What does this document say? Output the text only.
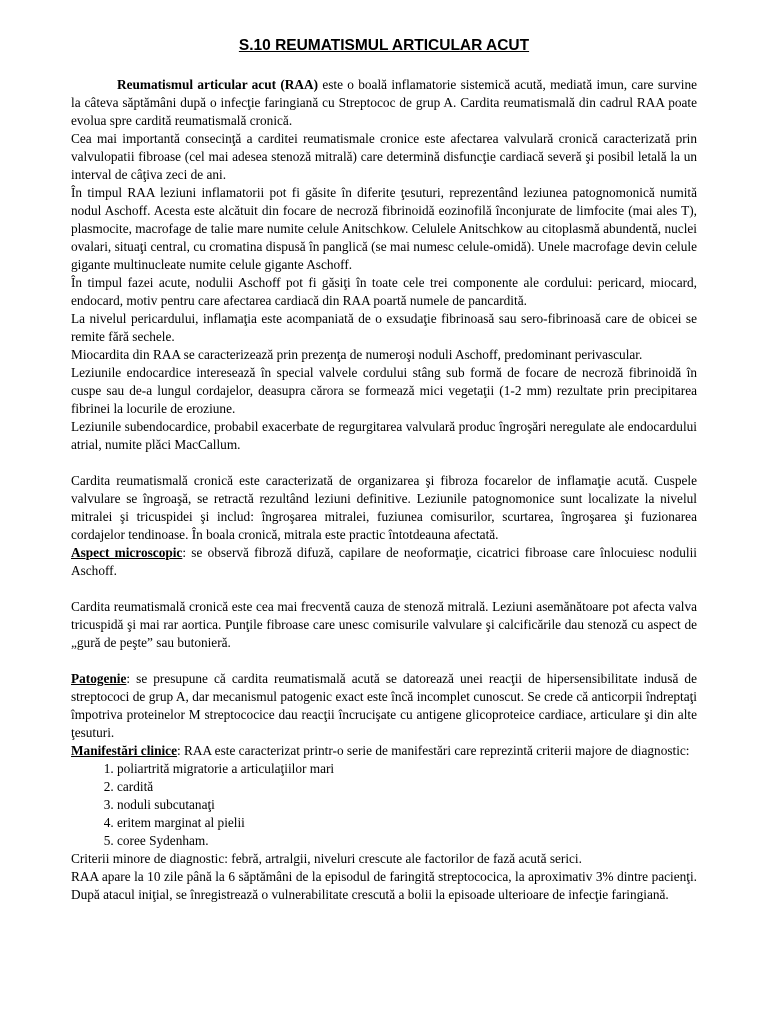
S.10 REUMATISMUL ARTICULAR ACUT

Reumatismul articular acut (RAA) este o boală inflamatorie sistemică acută, mediată imun, care survine la câteva săptămâni după o infecţie faringiană cu Streptococ de grup A. Cardita reumatismală din cadrul RAA poate evolua spre cardită reumatismală cronică.

Cea mai importantă consecinţă a carditei reumatismale cronice este afectarea valvulară cronică caracterizată prin valvulopatii fibroase (cel mai adesea stenoză mitrală) care determină disfuncţie cardiacă severă şi posibil letală la un interval de câţiva zeci de ani.

În timpul RAA leziuni inflamatorii pot fi găsite în diferite ţesuturi, reprezentând leziunea patognomonică numită nodul Aschoff. Acesta este alcătuit din focare de necroză fibrinoidă eozinofilă înconjurate de limfocite (mai ales T), plasmocite, macrofage de talie mare numite celule Anitschkow. Celulele Anitschkow au citoplasmă abundentă, nuclei ovalari, situaţi central, cu cromatina dispusă în panglică (se mai numesc celule-omidă). Unele macrofage devin celule gigante multinucleate numite celule gigante Aschoff.

În timpul fazei acute, nodulii Aschoff pot fi găsiţi în toate cele trei componente ale cordului: pericard, miocard, endocard, motiv pentru care afectarea cardiacă din RAA poartă numele de pancardită.

La nivelul pericardului, inflamaţia este acompaniată de o exsudaţie fibrinoasă sau sero-fibrinoasă care de obicei se remite fără sechele.

Miocardita din RAA se caracterizează prin prezenţa de numeroşi noduli Aschoff, predominant perivascular.

Leziunile endocardice interesează în special valvele cordului stâng sub formă de focare de necroză fibrinoidă în cuspe sau de-a lungul cordajelor, deasupra cărora se formează mici vegetaţii (1-2 mm) rezultate prin precipitarea fibrinei la locurile de eroziune.

Leziunile subendocardice, probabil exacerbate de regurgitarea valvulară produc îngroşări neregulate ale endocardului atrial, numite plăci MacCallum.

Cardita reumatismală cronică este caracterizată de organizarea şi fibroza focarelor de inflamaţie acută. Cuspele valvulare se îngroaşă, se retractă rezultând leziuni definitive. Leziunile patognomonice sunt localizate la nivelul mitralei şi tricuspidei şi includ: îngroşarea mitralei, fuziunea comisurilor, scurtarea, îngroşarea şi fuzionarea cordajelor tendinoase. În boala cronică, mitrala este practic întotdeauna afectată.

Aspect microscopic: se observă fibroză difuză, capilare de neoformaţie, cicatrici fibroase care înlocuiesc nodulii Aschoff.

Cardita reumatismală cronică este cea mai frecventă cauza de stenoză mitrală. Leziuni asemănătoare pot afecta valva tricuspidă şi mai rar aortica. Punţile fibroase care unesc comisurile valvulare şi calcificările dau stenoză cu aspect de „gură de peşte” sau butonieră.

Patogenie: se presupune că cardita reumatismală acută se datorează unei reacţii de hipersensibilitate indusă de streptococi de grup A, dar mecanismul patogenic exact este încă incomplet cunoscut. Se crede că anticorpii îndreptaţi împotriva proteinelor M streptococice dau reacţii încrucişate cu antigene glicoproteice cardiace, articulare şi din alte ţesuturi.

Manifestări clinice: RAA este caracterizat printr-o serie de manifestări care reprezintă criterii majore de diagnostic:

1. poliartrită migratorie a articulaţiilor mari
2. cardită
3. noduli subcutanaţi
4. eritem marginat al pielii
5. coree Sydenham.

Criterii minore de diagnostic: febră, artralgii, niveluri crescute ale factorilor de fază acută serici.

RAA apare la 10 zile până la 6 săptămâni de la episodul de faringită streptococica, la aproximativ 3% dintre pacienţi. După atacul iniţial, se înregistrează o vulnerabilitate crescută a bolii la episoade ulterioare de infecţie faringiană.
